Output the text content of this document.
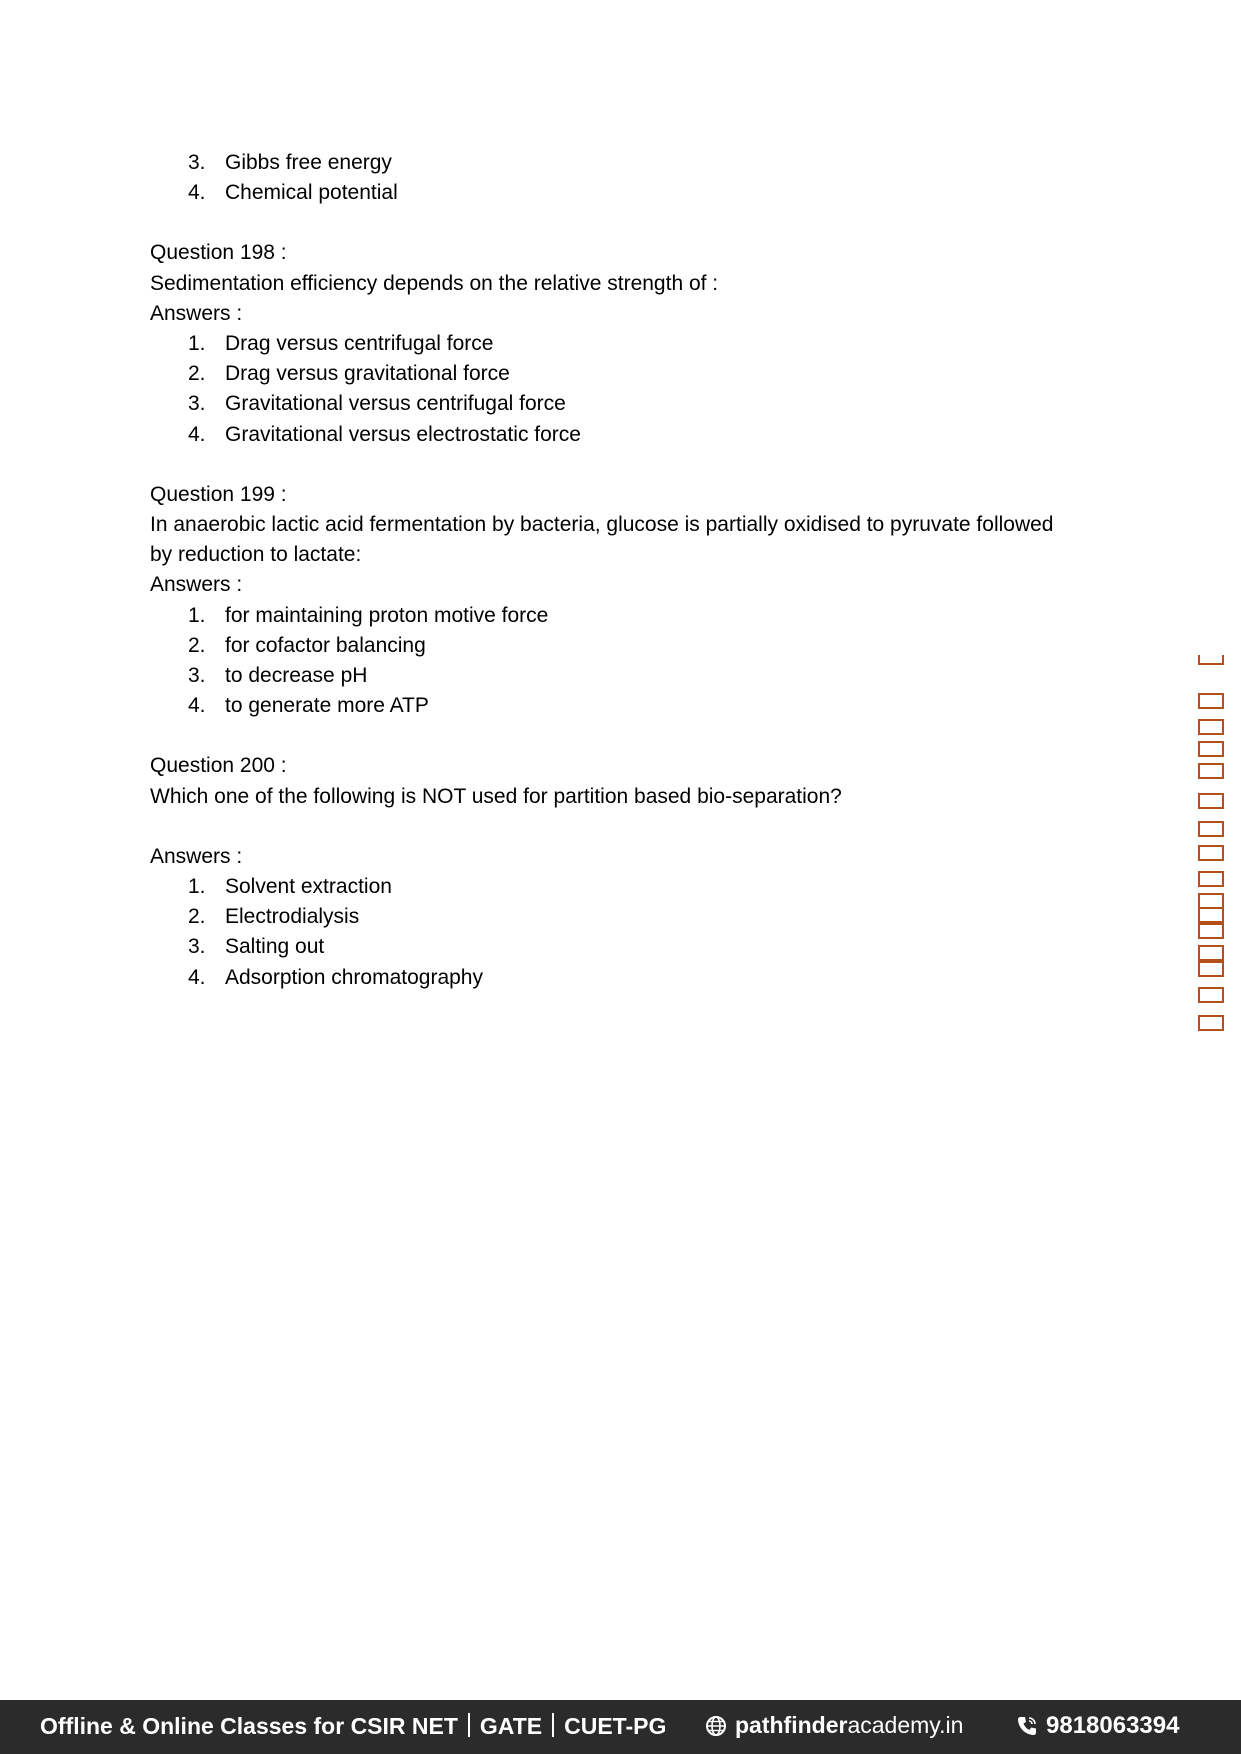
3. Gibbs free energy
4. Chemical potential
Question 198 :
Sedimentation efficiency depends on the relative strength of :
Answers :
1. Drag versus centrifugal force
2. Drag versus gravitational force
3. Gravitational versus centrifugal force
4. Gravitational versus electrostatic force
Question 199 :
In anaerobic lactic acid fermentation by bacteria, glucose is partially oxidised to pyruvate followed
by reduction to lactate:
Answers :
1. for maintaining proton motive force
2. for cofactor balancing
3. to decrease pH
4. to generate more ATP
Question 200 :
Which one of the following is NOT used for partition based bio-separation?
Answers :
1. Solvent extraction
2. Electrodialysis
3. Salting out
4. Adsorption chromatography
Offline & Online Classes for CSIR NET GATE CUET-PG	pathfinderacademy.in	9818063394
